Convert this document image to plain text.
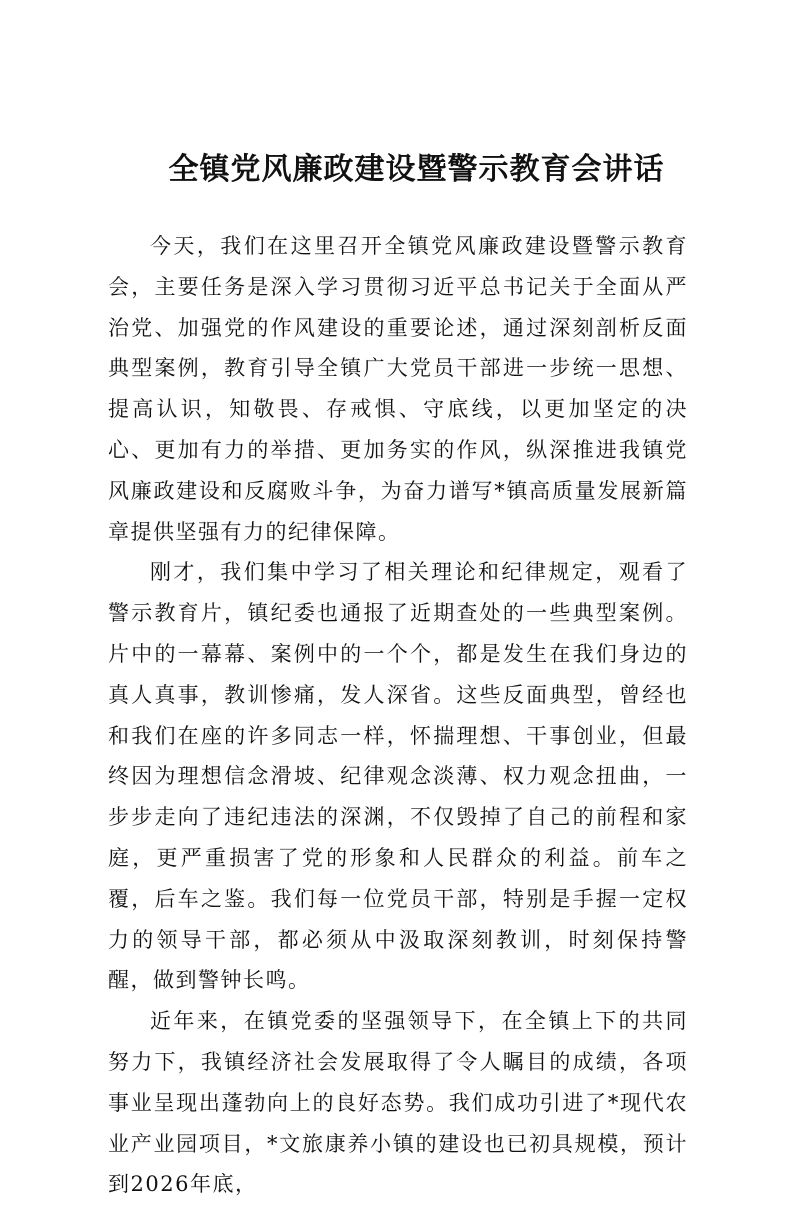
全镇党风廉政建设暨警示教育会讲话

今天，我们在这里召开全镇党风廉政建设暨警示教育会，主要任务是深入学习贯彻习近平总书记关于全面从严治党、加强党的作风建设的重要论述，通过深刻剖析反面典型案例，教育引导全镇广大党员干部进一步统一思想、提高认识，知敬畏、存戒惧、守底线，以更加坚定的决心、更加有力的举措、更加务实的作风，纵深推进我镇党风廉政建设和反腐败斗争，为奋力谱写*镇高质量发展新篇章提供坚强有力的纪律保障。

刚才，我们集中学习了相关理论和纪律规定，观看了警示教育片，镇纪委也通报了近期查处的一些典型案例。片中的一幕幕、案例中的一个个，都是发生在我们身边的真人真事，教训惨痛，发人深省。这些反面典型，曾经也和我们在座的许多同志一样，怀揣理想、干事创业，但最终因为理想信念滑坡、纪律观念淡薄、权力观念扭曲，一步步走向了违纪违法的深渊，不仅毁掉了自己的前程和家庭，更严重损害了党的形象和人民群众的利益。前车之覆，后车之鉴。我们每一位党员干部，特别是手握一定权力的领导干部，都必须从中汲取深刻教训，时刻保持警醒，做到警钟长鸣。

近年来，在镇党委的坚强领导下，在全镇上下的共同努力下，我镇经济社会发展取得了令人瞩目的成绩，各项事业呈现出蓬勃向上的良好态势。我们成功引进了*现代农业产业园项目，*文旅康养小镇的建设也已初具规模，预计到2026年底，
